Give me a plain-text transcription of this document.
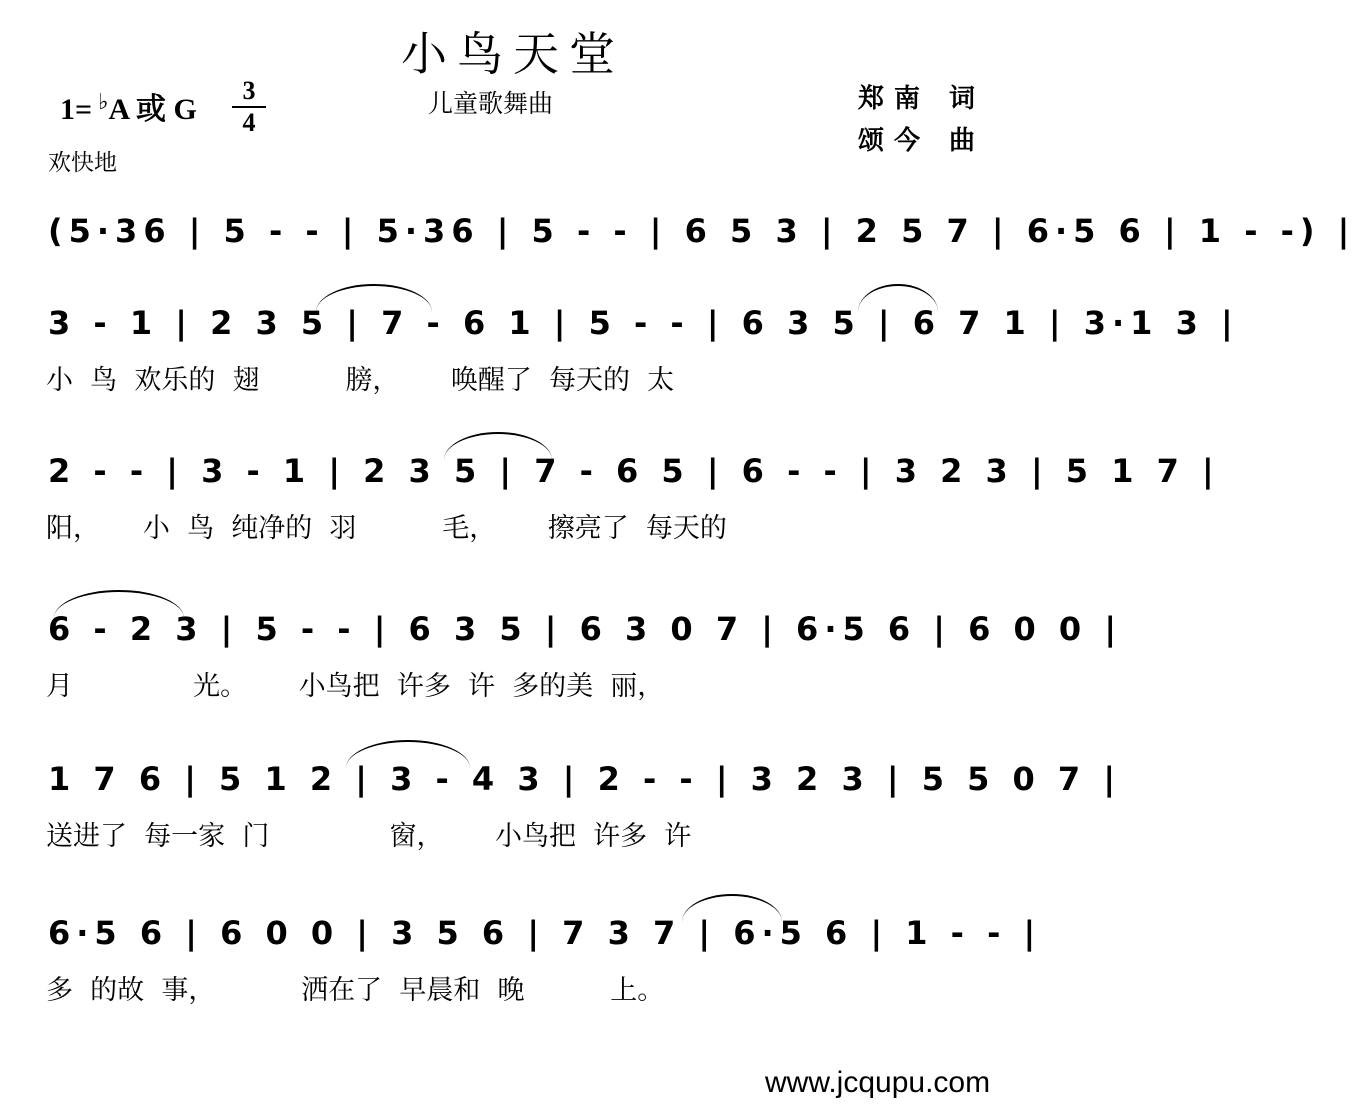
小鸟天堂
1= ♭A 或 G
3
4
儿童歌舞曲	郑南 词
颂今 曲
欢快地
(5·36 | 5 - - | 5·36 | 5 - - | 6 5 3 | 2 5 7 | 6·5 6 | 1 - -) |
3 - 1 | 2 3 5 | 7 - 6 1 | 5 - - | 6 3 5 | 6 7 1 | 3·1 3 |
小  鸟  欢乐的  翅          膀，      唤醒了  每天的  太
2 - - | 3 - 1 | 2 3 5 | 7 - 6 5 | 6 - - | 3 2 3 | 5 1 7 |
阳，     小  鸟  纯净的  羽          毛，      擦亮了  每天的
6 - 2 3 | 5 - - | 6 3 5 | 6 3 0 7 | 6·5 6 | 6 0 0 |
月              光。      小鸟把  许多  许  多的美  丽，
1 7 6 | 5 1 2 | 3 - 4 3 | 2 - - | 3 2 3 | 5 5 0 7 |
送进了  每一家  门              窗，      小鸟把  许多  许
6·5 6 | 6 0 0 | 3 5 6 | 7 3 7 | 6·5 6 | 1 - - |
多  的故  事，          洒在了  早晨和  晚          上。
www.jcqupu.com
